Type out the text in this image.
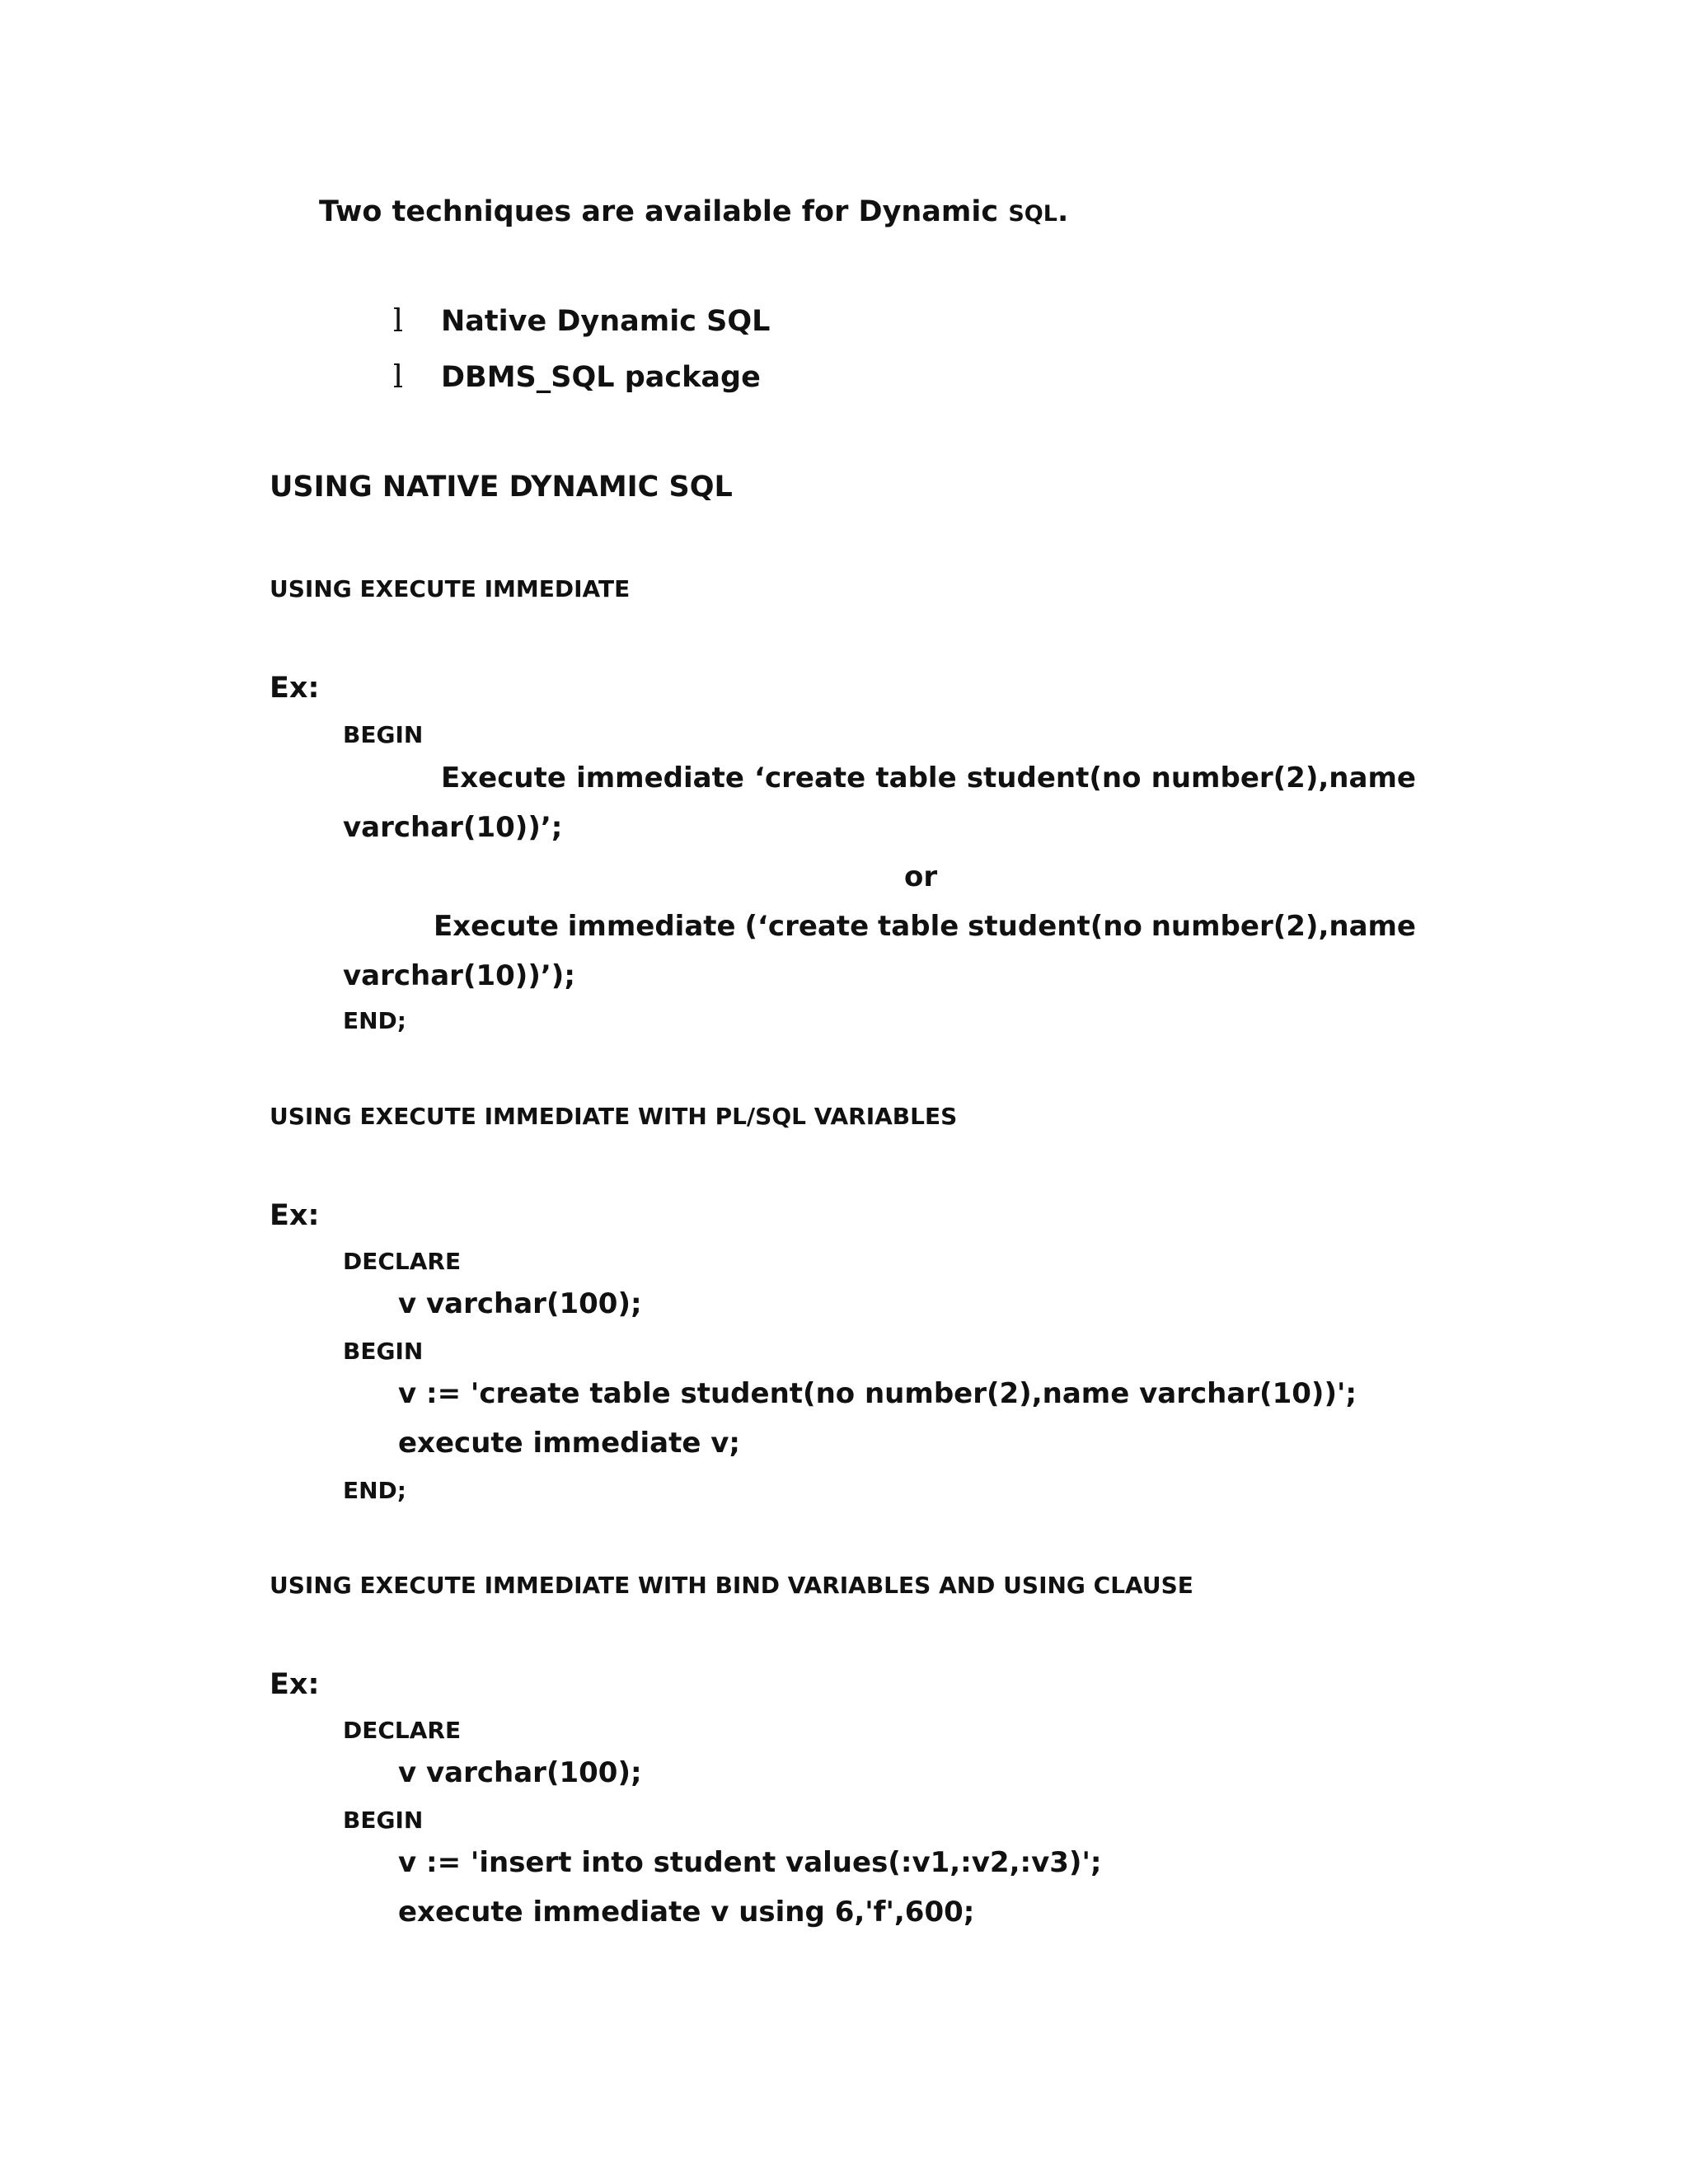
Two techniques are available for Dynamic SQL.
l Native Dynamic SQL
l DBMS_SQL package
USING NATIVE DYNAMIC SQL
USING EXECUTE IMMEDIATE
Ex:
BEGIN
Execute immediate ‘create table student(no number(2),name
varchar(10))’;
or
Execute immediate (‘create table student(no number(2),name
varchar(10))’);
END;
USING EXECUTE IMMEDIATE WITH PL/SQL VARIABLES
Ex:
DECLARE
v varchar(100);
BEGIN
v := 'create table student(no number(2),name varchar(10))';
execute immediate v;
END;
USING EXECUTE IMMEDIATE WITH BIND VARIABLES AND USING CLAUSE
Ex:
DECLARE
v varchar(100);
BEGIN
v := 'insert into student values(:v1,:v2,:v3)';
execute immediate v using 6,'f',600;
